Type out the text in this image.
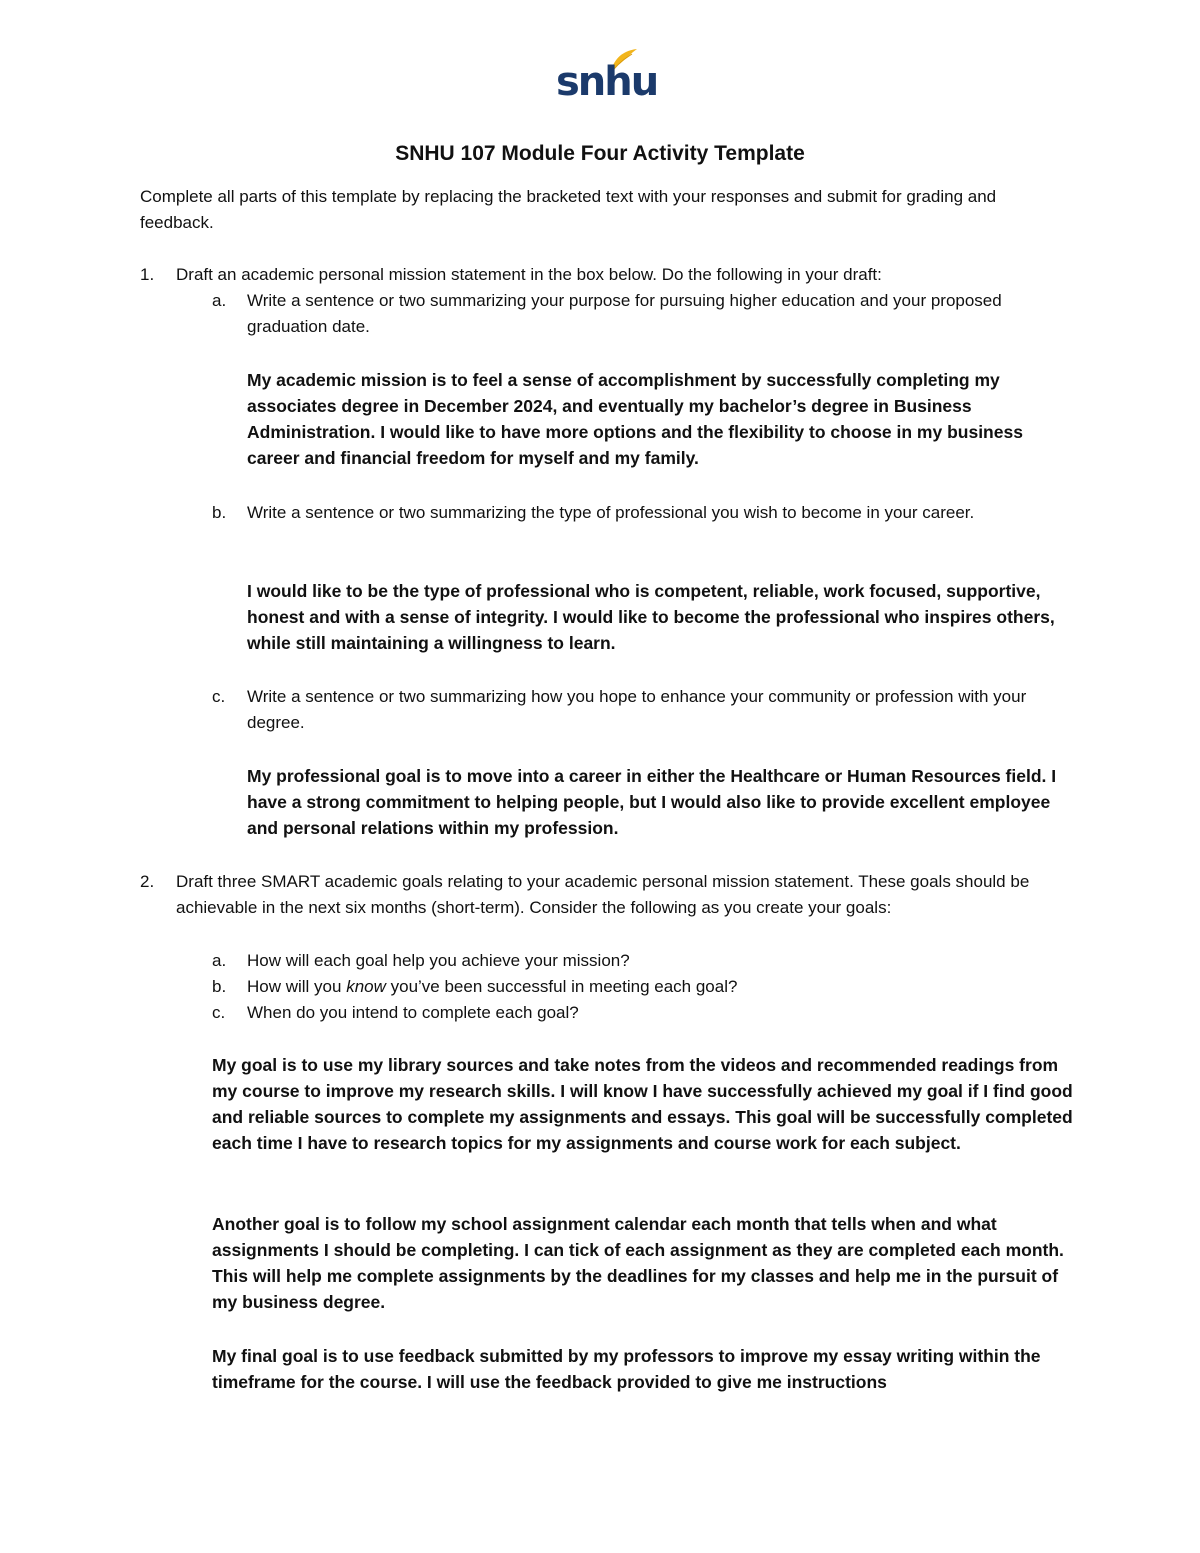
snhu
SNHU 107 Module Four Activity Template

Complete all parts of this template by replacing the bracketed text with your responses and submit for grading and feedback.

1. Draft an academic personal mission statement in the box below. Do the following in your draft:

a. Write a sentence or two summarizing your purpose for pursuing higher education and your proposed graduation date.

My academic mission is to feel a sense of accomplishment by successfully completing my associates degree in December 2024, and eventually my bachelor’s degree in Business Administration. I would like to have more options and the flexibility to choose in my business career and financial freedom for myself and my family.

b. Write a sentence or two summarizing the type of professional you wish to become in your career.

I would like to be the type of professional who is competent, reliable, work focused, supportive, honest and with a sense of integrity. I would like to become the professional who inspires others, while still maintaining a willingness to learn.

c. Write a sentence or two summarizing how you hope to enhance your community or profession with your degree.

My professional goal is to move into a career in either the Healthcare or Human Resources field. I have a strong commitment to helping people, but I would also like to provide excellent employee and personal relations within my profession.

2. Draft three SMART academic goals relating to your academic personal mission statement. These goals should be achievable in the next six months (short-term). Consider the following as you create your goals:

a. How will each goal help you achieve your mission?

b. How will you know you’ve been successful in meeting each goal?

c. When do you intend to complete each goal?

My goal is to use my library sources and take notes from the videos and recommended readings from my course to improve my research skills. I will know I have successfully achieved my goal if I find good and reliable sources to complete my assignments and essays. This goal will be successfully completed each time I have to research topics for my assignments and course work for each subject.

Another goal is to follow my school assignment calendar each month that tells when and what assignments I should be completing. I can tick of each assignment as they are completed each month. This will help me complete assignments by the deadlines for my classes and help me in the pursuit of my business degree.

My final goal is to use feedback submitted by my professors to improve my essay writing within the timeframe for the course. I will use the feedback provided to give me instructions
